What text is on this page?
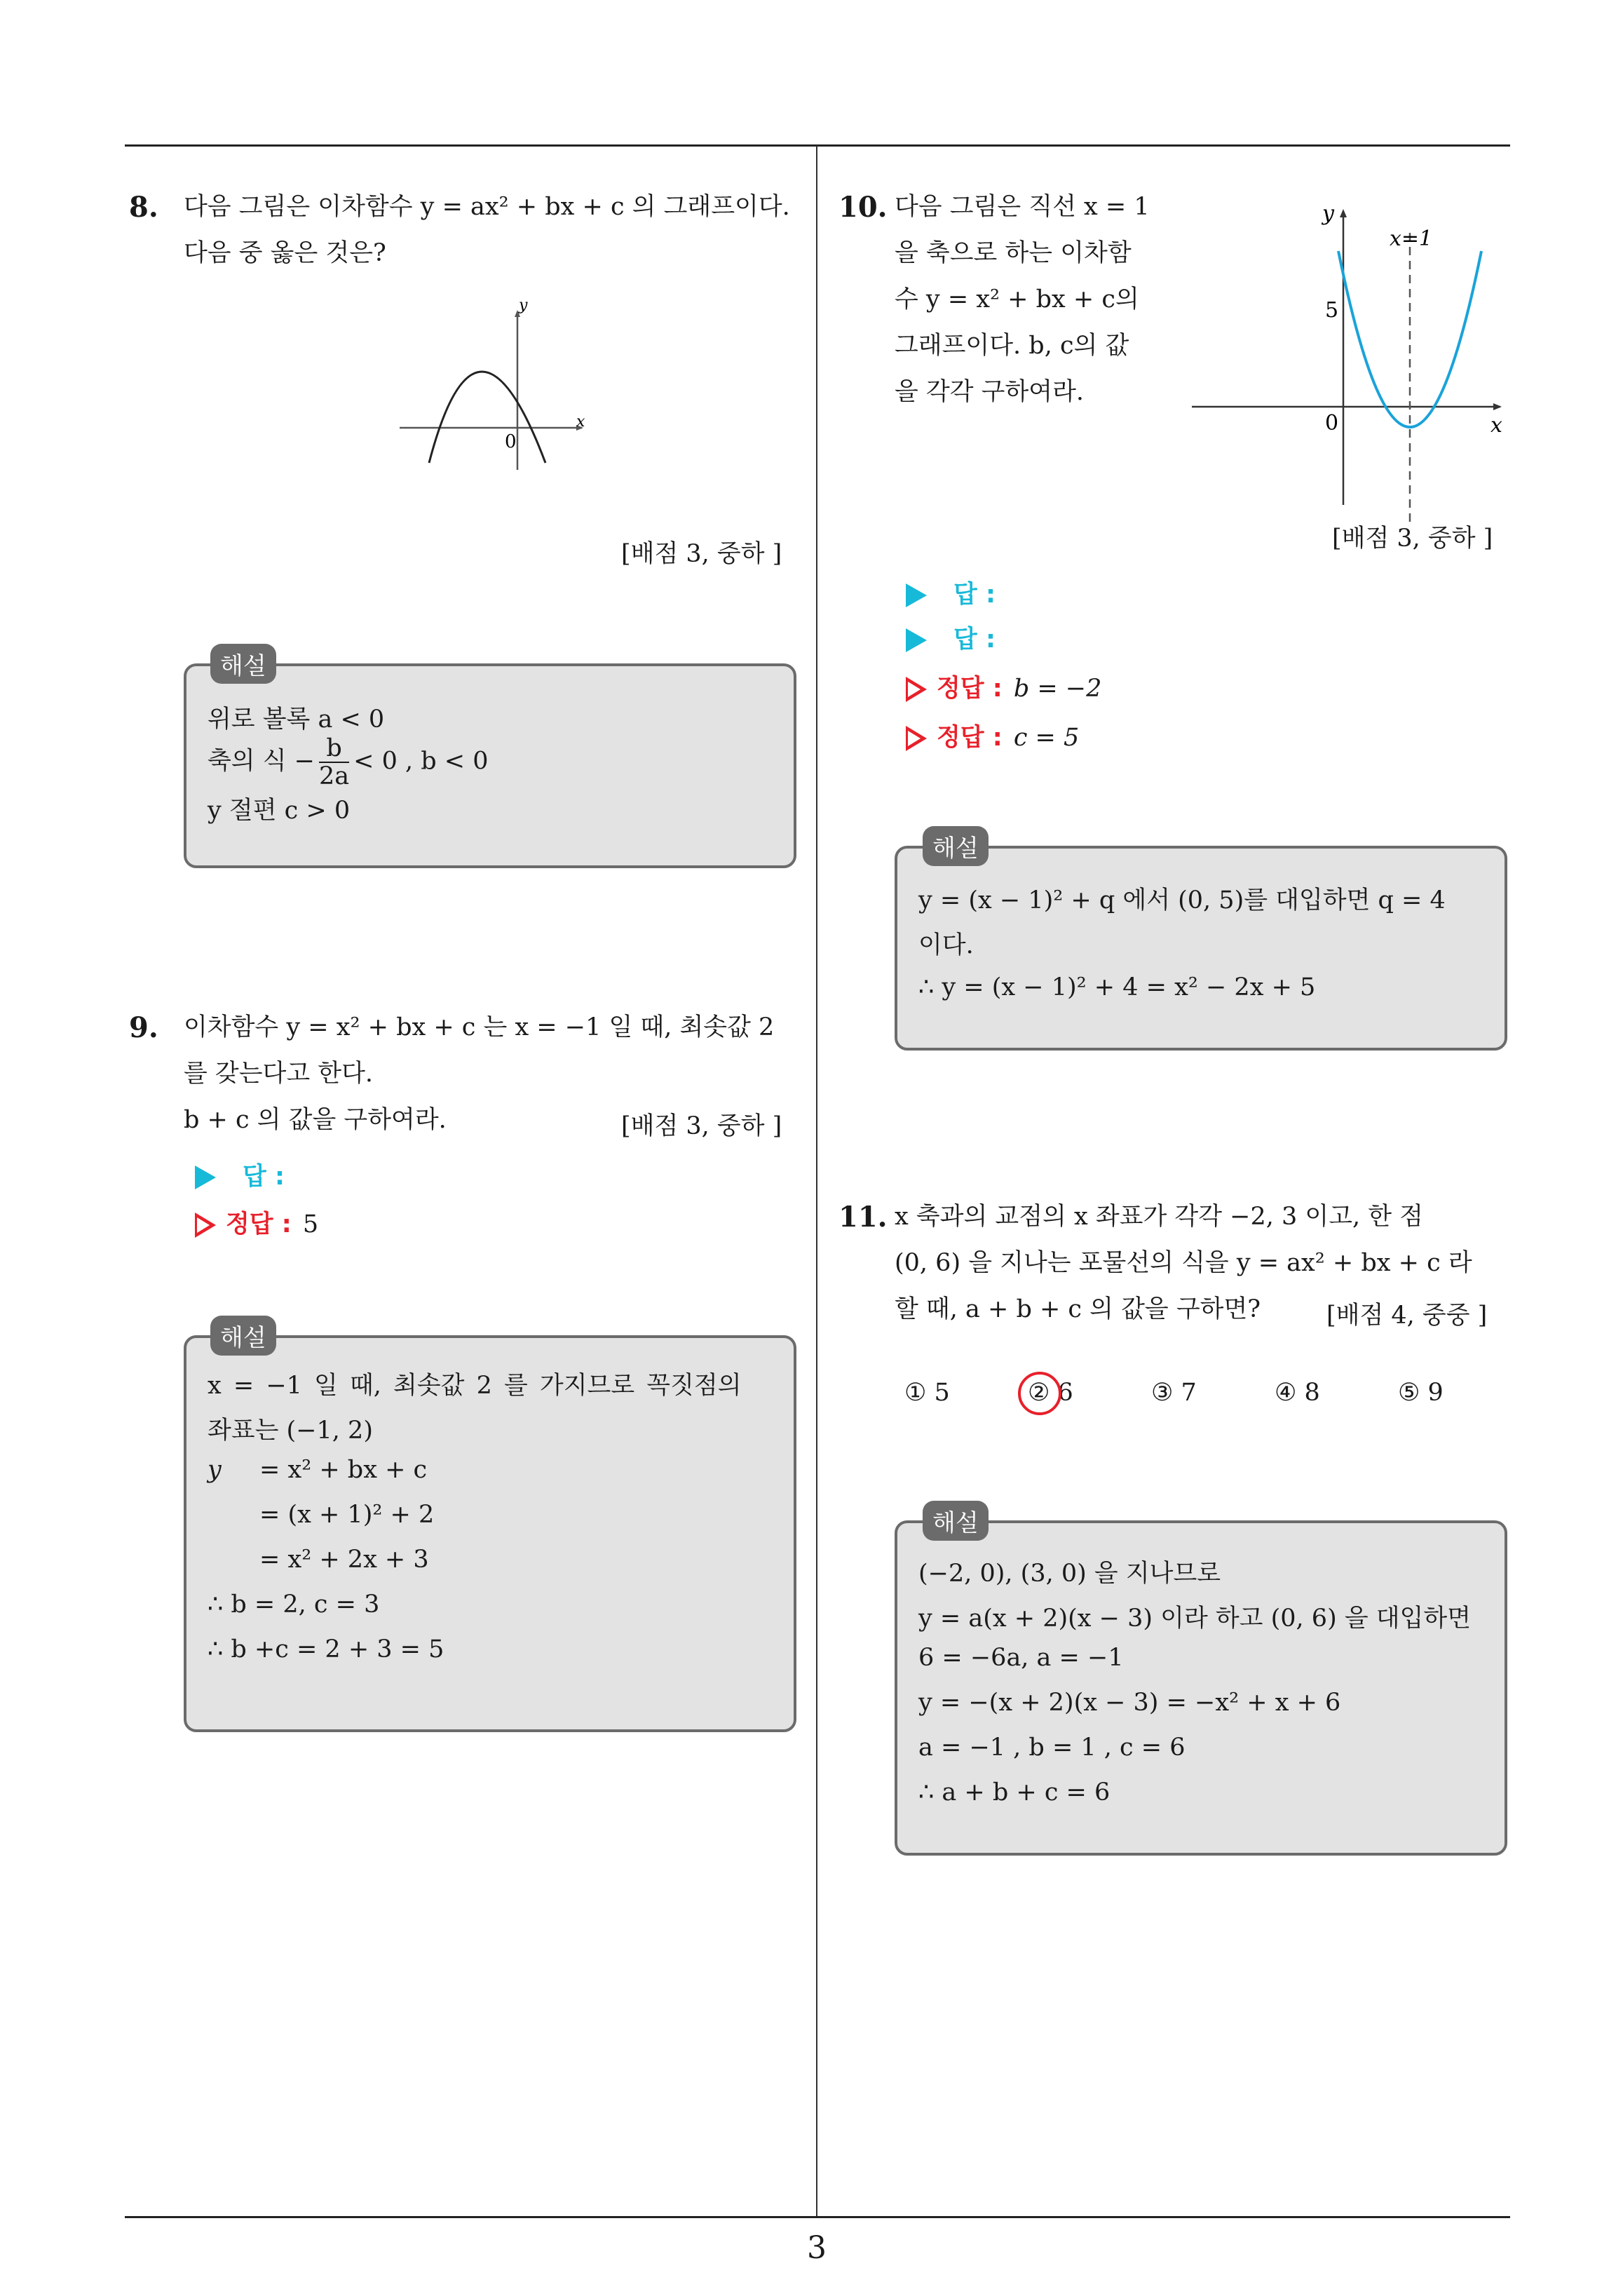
8. 다음 그림은 이차함수 y = ax² + bx + c 의 그래프이다.
다음 중 옳은 것은?
y
x
0
[배점 3, 중하 ]
위로 볼록 a < 0
축의 식 − $\frac{b}{2a} < 0$ , b < 0
y 절편 c > 0
해설
9. 이차함수 y = x² + bx + c 는 x = −1 일 때, 최솟값 2
를 갖는다고 한다.
b + c 의 값을 구하여라.	[배점 3, 중하 ]
답 :
정답 : 5
x = −1 일 때, 최솟값 2 를 가지므로 꼭짓점의
좌표는 (−1, 2)
y = x² + bx + c
= (x + 1)² + 2
= x² + 2x + 3
∴ b = 2, c = 3
∴ b +c = 2 + 3 = 5
해설
10. 다음 그림은 직선 x = 1
을 축으로 하는 이차함
수 y = x² + bx + c의
그래프이다. b, c의 값
을 각각 구하여라.
y
x
0
5
x=1
[배점 3, 중하 ]
답 :
답 :
정답 : b = −2
정답 : c = 5
y = (x − 1)² + q 에서 (0, 5)를 대입하면 q = 4
이다.
∴ y = (x − 1)² + 4 = x² − 2x + 5
해설
11. x 축과의 교점의 x 좌표가 각각 −2, 3 이고, 한 점
(0, 6) 을 지나는 포물선의 식을 y = ax² + bx + c 라
할 때, a + b + c 의 값을 구하면?	[배점 4, 중중 ]
① 5	② 6	③ 7	④ 8	⑤ 9
(−2, 0), (3, 0) 을 지나므로
y = a(x + 2)(x − 3) 이라 하고 (0, 6) 을 대입하면
6 = −6a, a = −1
y = −(x + 2)(x − 3) = −x² + x + 6
a = −1 , b = 1 , c = 6
∴ a + b + c = 6
해설
3
